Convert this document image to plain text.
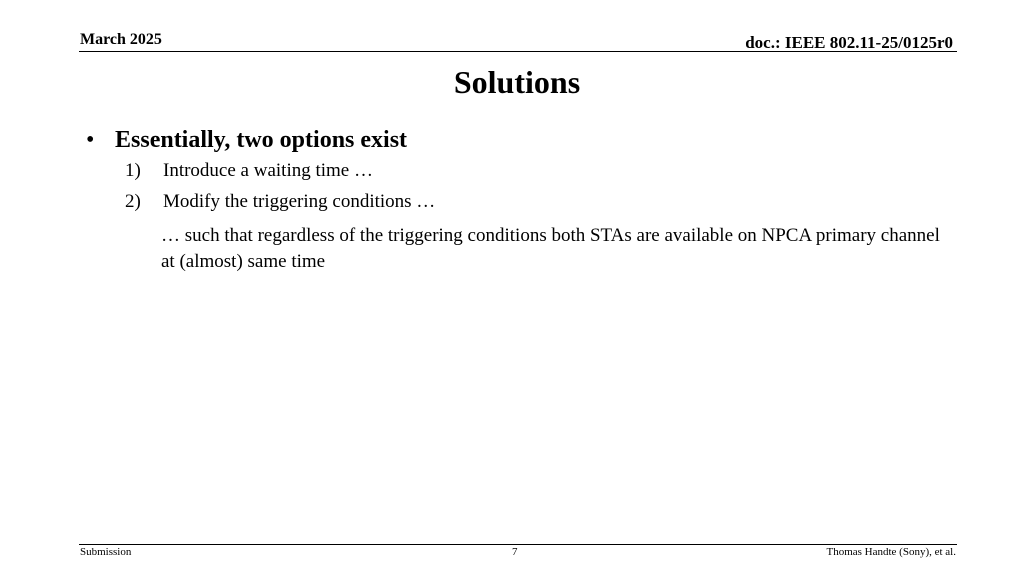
March 2025	doc.: IEEE 802.11-25/0125r0
Solutions
• Essentially, two options exist
1) Introduce a waiting time …
2) Modify the triggering conditions …
… such that regardless of the triggering conditions both STAs are available on NPCA primary channel at (almost) same time
Submission	7	Thomas Handte (Sony), et al.
